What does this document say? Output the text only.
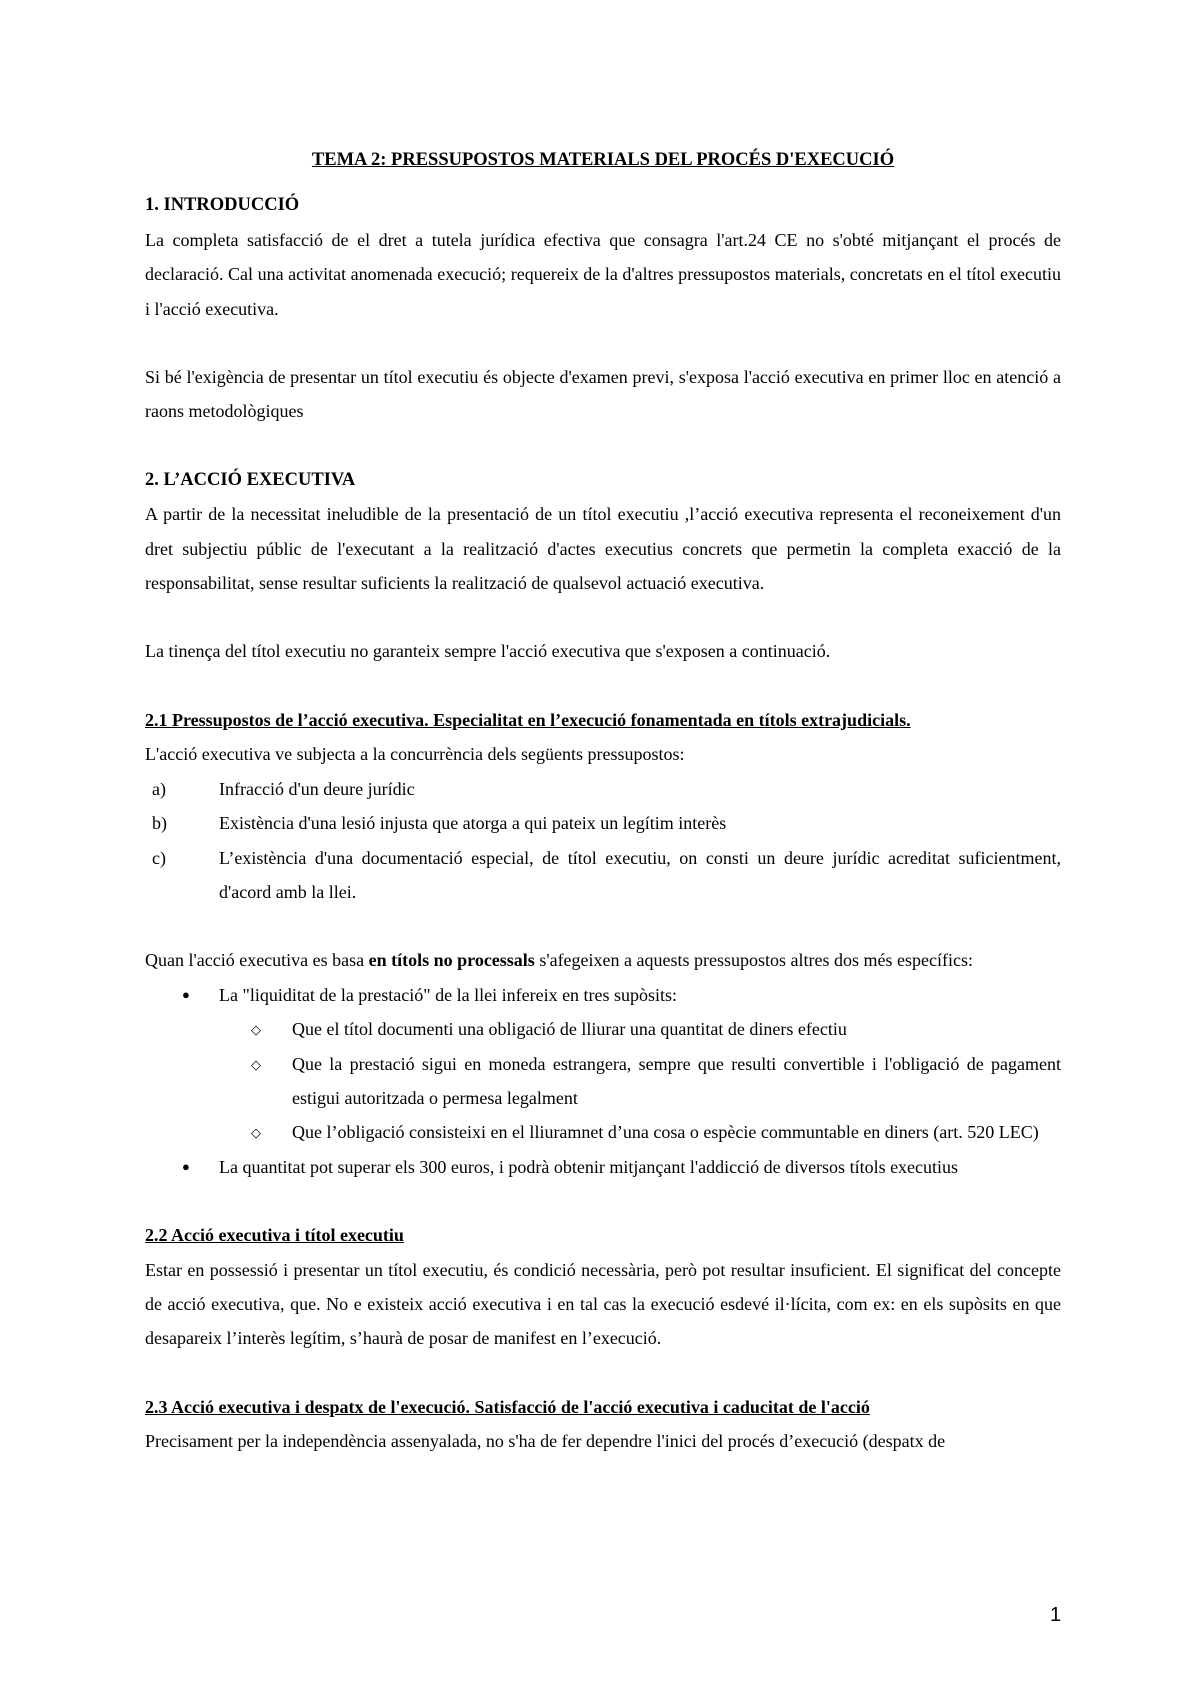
TEMA 2: PRESSUPOSTOS MATERIALS DEL PROCÉS D'EXECUCIÓ
1. INTRODUCCIÓ

La completa satisfacció de el dret a tutela jurídica efectiva que consagra l'art.24 CE no s'obté mitjançant el procés de declaració. Cal una activitat anomenada execució; requereix de la d'altres pressupostos materials, concretats en el títol executiu i l'acció executiva.

Si bé l'exigència de presentar un títol executiu és objecte d'examen previ, s'exposa l'acció executiva en primer lloc en atenció a raons metodològiques

2. L’ACCIÓ EXECUTIVA

A partir de la necessitat ineludible de la presentació de un títol executiu ,l’acció executiva representa el reconeixement d'un dret subjectiu públic de l'executant a la realització d'actes executius concrets que permetin la completa exacció de la responsabilitat, sense resultar suficients la realització de qualsevol actuació executiva.

La tinença del títol executiu no garanteix sempre l'acció executiva que s'exposen a continuació.

2.1 Pressupostos de l’acció executiva. Especialitat en l’execució fonamentada en títols extrajudicials.

L'acció executiva ve subjecta a la concurrència dels següents pressupostos:

a)	Infracció d'un deure jurídic
b)	Existència d'una lesió injusta que atorga a qui pateix un legítim interès
c)	L’existència d'una documentació especial, de títol executiu, on consti un deure jurídic acreditat suficientment, d'acord amb la llei.

Quan l'acció executiva es basa en títols no processals s'afegeixen a aquests pressupostos altres dos més específics:

● La "liquiditat de la prestació" de la llei infereix en tres supòsits:
◇ Que el títol documenti una obligació de lliurar una quantitat de diners efectiu
◇ Que la prestació sigui en moneda estrangera, sempre que resulti convertible i l'obligació de pagament estigui autoritzada o permesa legalment
◇ Que l’obligació consisteixi en el lliuramnet d’una cosa o espècie communtable en diners (art. 520 LEC)
● La quantitat pot superar els 300 euros, i podrà obtenir mitjançant l'addicció de diversos títols executius
2.2 Acció executiva i títol executiu

Estar en possessió i presentar un títol executiu, és condició necessària, però pot resultar insuficient. El significat del concepte de acció executiva, que. No e existeix acció executiva i en tal cas la execució esdevé il·lícita, com ex: en els supòsits en que desapareix l’interès legítim, s’haurà de posar de manifest en l’execució.

2.3 Acció executiva i despatx de l'execució. Satisfacció de l'acció executiva i caducitat de l'acció

Precisament per la independència assenyalada, no s'ha de fer dependre l'inici del procés d’execució (despatx de

1
